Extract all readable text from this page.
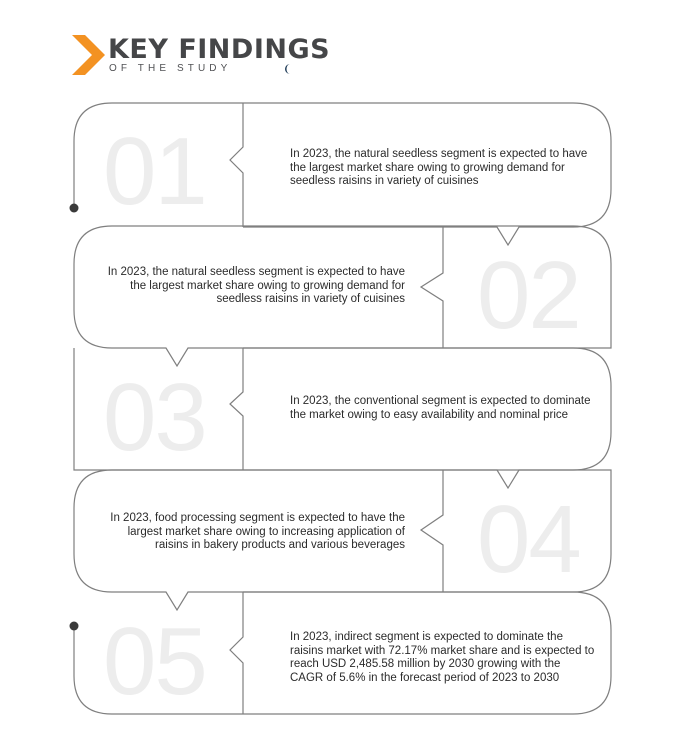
KEY FINDINGS
OF THE STUDY
01
02
03
04
05
In 2023, the natural seedless segment is expected to have the largest market share owing to growing demand for seedless raisins in variety of cuisines
In 2023, the natural seedless segment is expected to have the largest market share owing to growing demand for seedless raisins in variety of cuisines
In 2023, the conventional segment is expected to dominate the market owing to easy availability and nominal price
In 2023, food processing segment is expected to have the largest market share owing to increasing application of raisins in bakery products and various beverages
In 2023, indirect segment is expected to dominate the raisins market with 72.17% market share and is expected to reach USD 2,485.58 million by 2030 growing with the CAGR of 5.6% in the forecast period of 2023 to 2030
